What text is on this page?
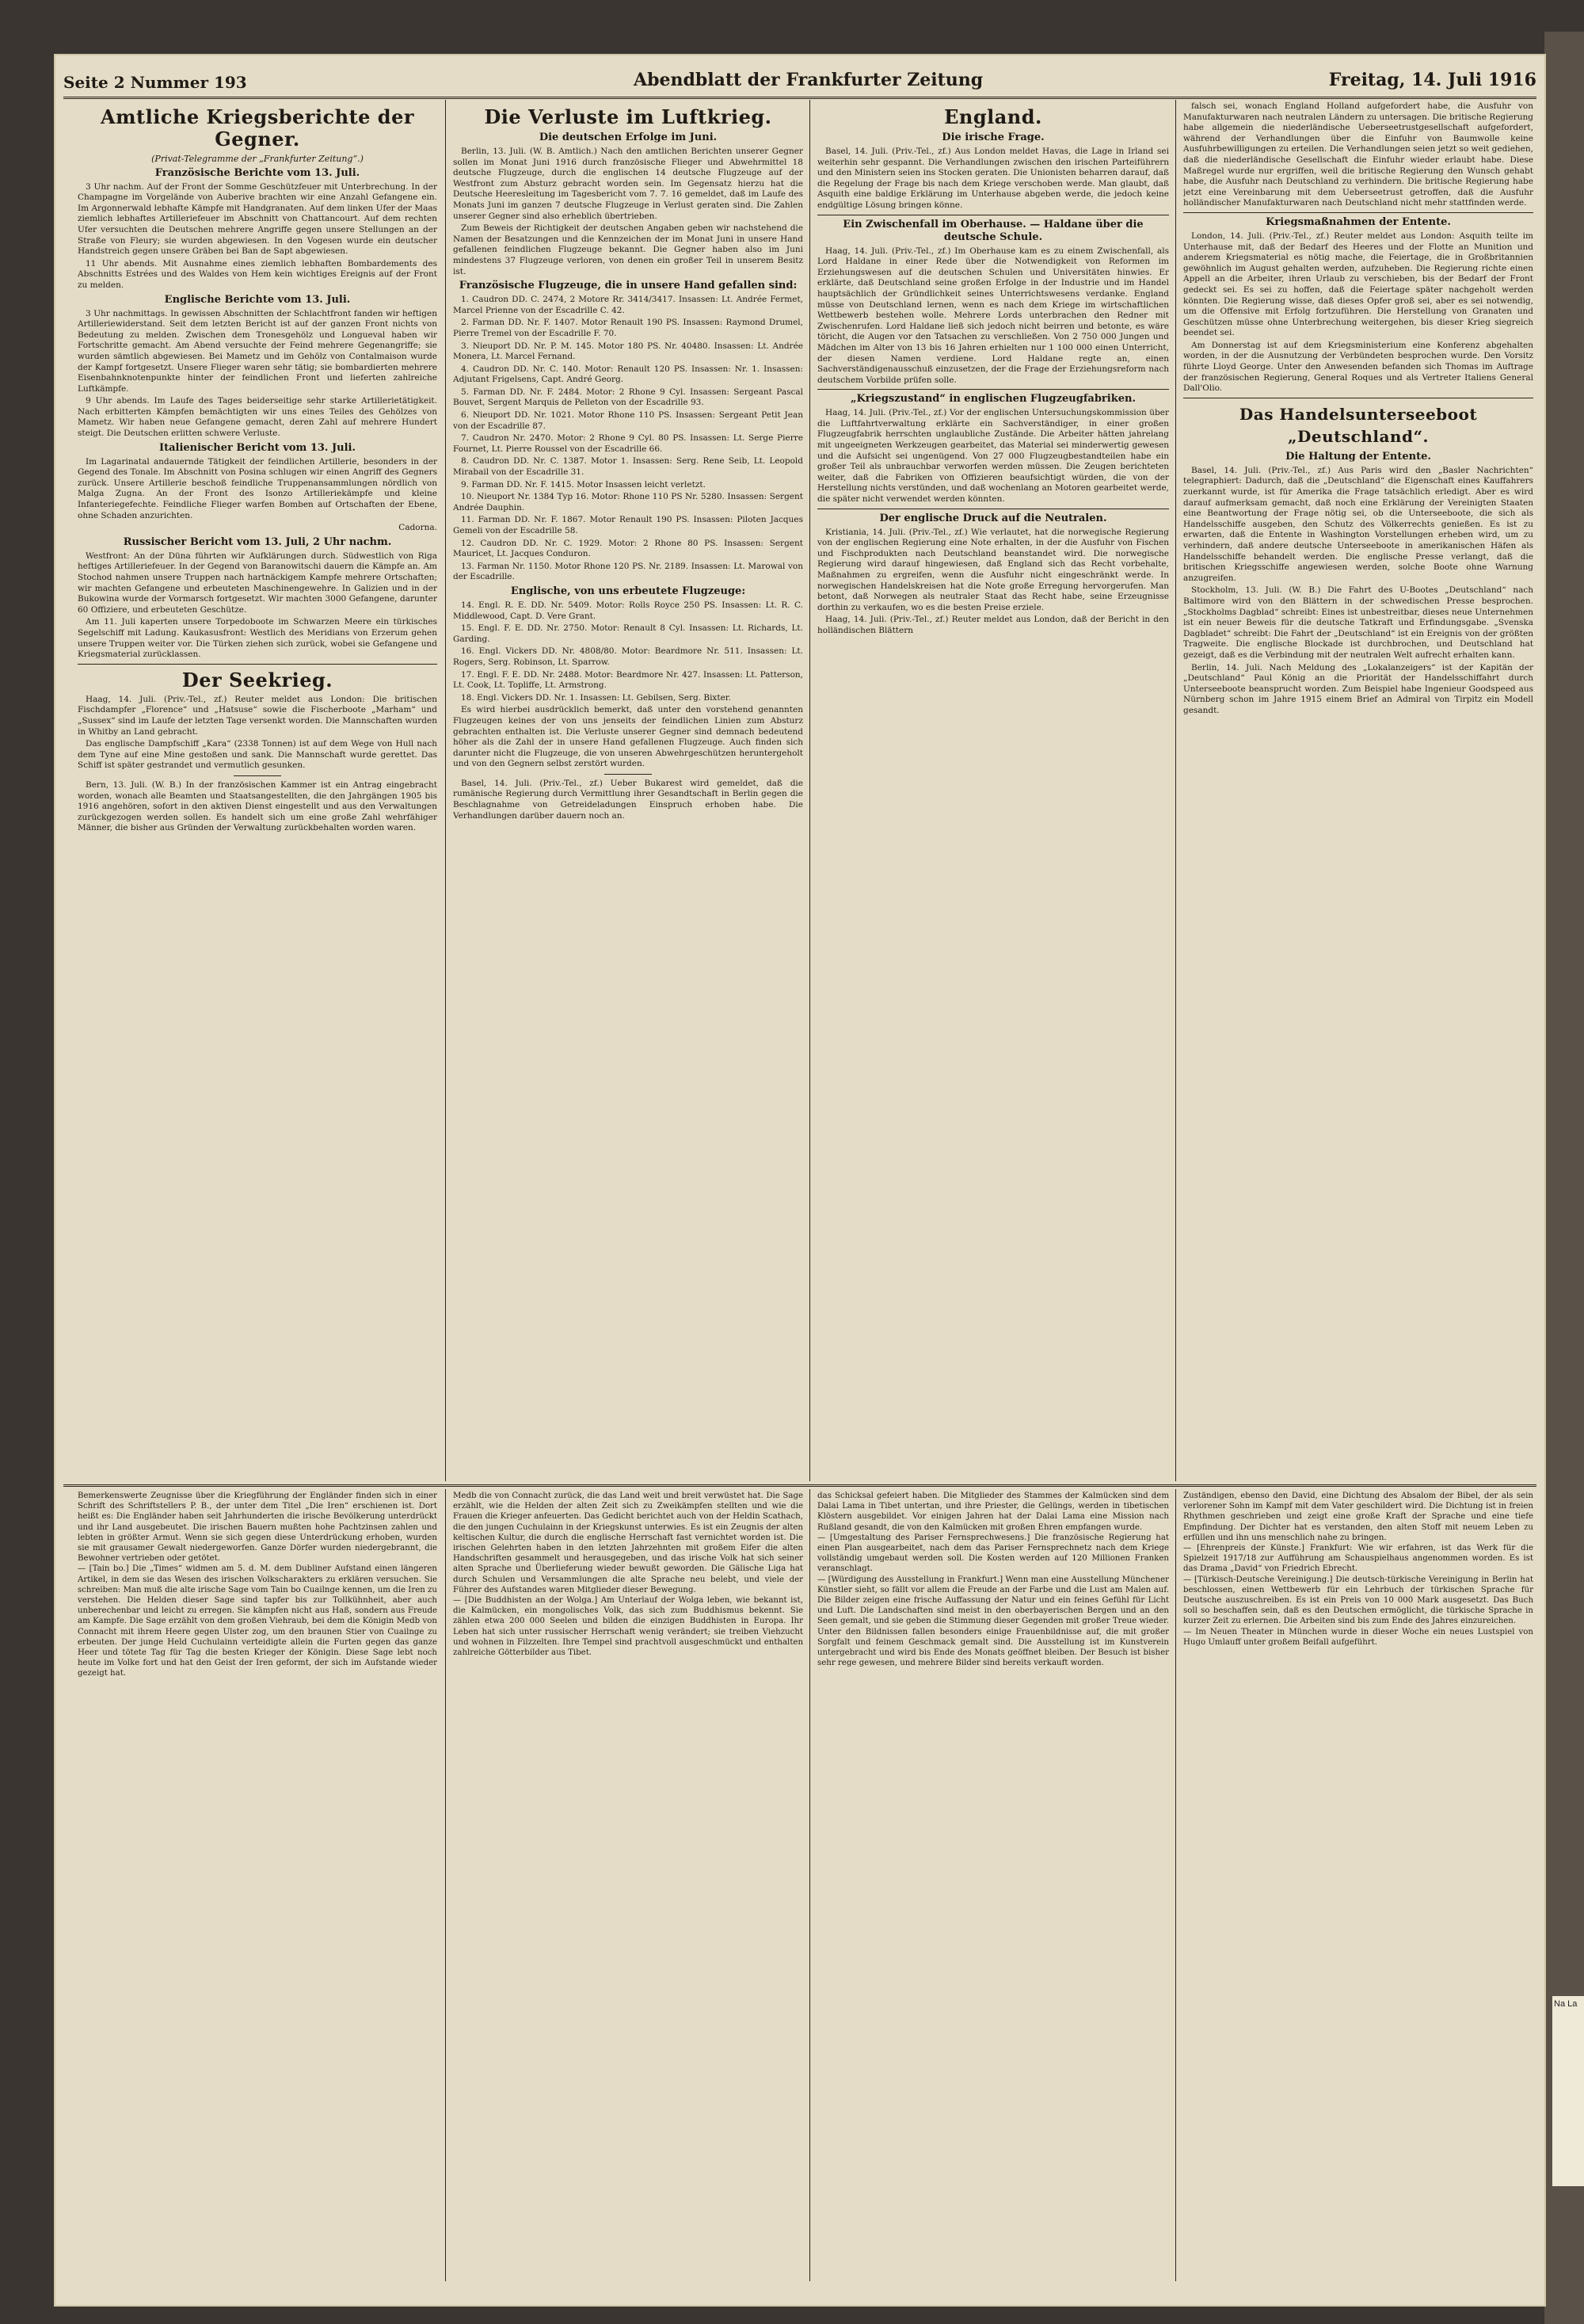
Na La
Seite 2 Nummer 193	Abendblatt der Frankfurter Zeitung	Freitag, 14. Juli 1916
Amtliche Kriegsberichte der Gegner.
(Privat-Telegramme der „Frankfurter Zeitung“.)
Französische Berichte vom 13. Juli.

3 Uhr nachm. Auf der Front der Somme Geschützfeuer mit Unterbrechung. In der Champagne im Vorgelände von Auberive brachten wir eine Anzahl Gefangene ein. Im Argonnerwald lebhafte Kämpfe mit Handgranaten. Auf dem linken Ufer der Maas ziemlich lebhaftes Artilleriefeuer im Abschnitt von Chattancourt. Auf dem rechten Ufer versuchten die Deutschen mehrere Angriffe gegen unsere Stellungen an der Straße von Fleury; sie wurden abgewiesen. In den Vogesen wurde ein deutscher Handstreich gegen unsere Gräben bei Ban de Sapt abgewiesen.

11 Uhr abends. Mit Ausnahme eines ziemlich lebhaften Bombardements des Abschnitts Estrées und des Waldes von Hem kein wichtiges Ereignis auf der Front zu melden.

Englische Berichte vom 13. Juli.

3 Uhr nachmittags. In gewissen Abschnitten der Schlachtfront fanden wir heftigen Artilleriewiderstand. Seit dem letzten Bericht ist auf der ganzen Front nichts von Bedeutung zu melden. Zwischen dem Tronesgehölz und Longueval haben wir Fortschritte gemacht. Am Abend versuchte der Feind mehrere Gegenangriffe; sie wurden sämtlich abgewiesen. Bei Mametz und im Gehölz von Contalmaison wurde der Kampf fortgesetzt. Unsere Flieger waren sehr tätig; sie bombardierten mehrere Eisenbahnknotenpunkte hinter der feindlichen Front und lieferten zahlreiche Luftkämpfe.

9 Uhr abends. Im Laufe des Tages beiderseitige sehr starke Artillerietätigkeit. Nach erbitterten Kämpfen bemächtigten wir uns eines Teiles des Gehölzes von Mametz. Wir haben neue Gefangene gemacht, deren Zahl auf mehrere Hundert steigt. Die Deutschen erlitten schwere Verluste.

Italienischer Bericht vom 13. Juli.

Im Lagarinatal andauernde Tätigkeit der feindlichen Artillerie, besonders in der Gegend des Tonale. Im Abschnitt von Posina schlugen wir einen Angriff des Gegners zurück. Unsere Artillerie beschoß feindliche Truppenansammlungen nördlich von Malga Zugna. An der Front des Isonzo Artilleriekämpfe und kleine Infanteriegefechte. Feindliche Flieger warfen Bomben auf Ortschaften der Ebene, ohne Schaden anzurichten.

Cadorna.

Russischer Bericht vom 13. Juli, 2 Uhr nachm.

Westfront: An der Düna führten wir Aufklärungen durch. Südwestlich von Riga heftiges Artilleriefeuer. In der Gegend von Baranowitschi dauern die Kämpfe an. Am Stochod nahmen unsere Truppen nach hartnäckigem Kampfe mehrere Ortschaften; wir machten Gefangene und erbeuteten Maschinengewehre. In Galizien und in der Bukowina wurde der Vormarsch fortgesetzt. Wir machten 3000 Gefangene, darunter 60 Offiziere, und erbeuteten Geschütze.

Am 11. Juli kaperten unsere Torpedoboote im Schwarzen Meere ein türkisches Segelschiff mit Ladung. Kaukasusfront: Westlich des Meridians von Erzerum gehen unsere Truppen weiter vor. Die Türken ziehen sich zurück, wobei sie Gefangene und Kriegsmaterial zurücklassen.

Der Seekrieg.

Haag, 14. Juli. (Priv.-Tel., zf.) Reuter meldet aus London: Die britischen Fischdampfer „Florence“ und „Hatsuse“ sowie die Fischerboote „Marham“ und „Sussex“ sind im Laufe der letzten Tage versenkt worden. Die Mannschaften wurden in Whitby an Land gebracht.

Das englische Dampfschiff „Kara“ (2338 Tonnen) ist auf dem Wege von Hull nach dem Tyne auf eine Mine gestoßen und sank. Die Mannschaft wurde gerettet. Das Schiff ist später gestrandet und vermutlich gesunken.

Bern, 13. Juli. (W. B.) In der französischen Kammer ist ein Antrag eingebracht worden, wonach alle Beamten und Staatsangestellten, die den Jahrgängen 1905 bis 1916 angehören, sofort in den aktiven Dienst eingestellt und aus den Verwaltungen zurückgezogen werden sollen. Es handelt sich um eine große Zahl wehrfähiger Männer, die bisher aus Gründen der Verwaltung zurückbehalten worden waren.

Die Verluste im Luftkrieg.
Die deutschen Erfolge im Juni.

Berlin, 13. Juli. (W. B. Amtlich.) Nach den amtlichen Berichten unserer Gegner sollen im Monat Juni 1916 durch französische Flieger und Abwehrmittel 18 deutsche Flugzeuge, durch die englischen 14 deutsche Flugzeuge auf der Westfront zum Absturz gebracht worden sein. Im Gegensatz hierzu hat die Deutsche Heeresleitung im Tagesbericht vom 7. 7. 16 gemeldet, daß im Laufe des Monats Juni im ganzen 7 deutsche Flugzeuge in Verlust geraten sind. Die Zahlen unserer Gegner sind also erheblich übertrieben.

Zum Beweis der Richtigkeit der deutschen Angaben geben wir nachstehend die Namen der Besatzungen und die Kennzeichen der im Monat Juni in unsere Hand gefallenen feindlichen Flugzeuge bekannt. Die Gegner haben also im Juni mindestens 37 Flugzeuge verloren, von denen ein großer Teil in unserem Besitz ist.

Französische Flugzeuge, die in unsere Hand gefallen sind:

1. Caudron DD. C. 2474, 2 Motore Rr. 3414/3417. Insassen: Lt. Andrée Fermet, Marcel Prienne von der Escadrille C. 42.

2. Farman DD. Nr. F. 1407. Motor Renault 190 PS. Insassen: Raymond Drumel, Pierre Tremel von der Escadrille F. 70.

3. Nieuport DD. Nr. P. M. 145. Motor 180 PS. Nr. 40480. Insassen: Lt. Andrée Monera, Lt. Marcel Fernand.

4. Caudron DD. Nr. C. 140. Motor: Renault 120 PS. Insassen: Nr. 1. Insassen: Adjutant Frigelsens, Capt. André Georg.

5. Farman DD. Nr. F. 2484. Motor: 2 Rhone 9 Cyl. Insassen: Sergeant Pascal Bouvet, Sergent Marquis de Pelleton von der Escadrille 93.

6. Nieuport DD. Nr. 1021. Motor Rhone 110 PS. Insassen: Sergeant Petit Jean von der Escadrille 87.

7. Caudron Nr. 2470. Motor: 2 Rhone 9 Cyl. 80 PS. Insassen: Lt. Serge Pierre Fournet, Lt. Pierre Roussel von der Escadrille 66.

8. Caudron DD. Nr. C. 1387. Motor 1. Insassen: Serg. Rene Seib, Lt. Leopold Mirabail von der Escadrille 31.

9. Farman DD. Nr. F. 1415. Motor Insassen leicht verletzt.

10. Nieuport Nr. 1384 Typ 16. Motor: Rhone 110 PS Nr. 5280. Insassen: Sergent Andrée Dauphin.

11. Farman DD. Nr. F. 1867. Motor Renault 190 PS. Insassen: Piloten Jacques Gemeli von der Escadrille 58.

12. Caudron DD. Nr. C. 1929. Motor: 2 Rhone 80 PS. Insassen: Sergent Mauricet, Lt. Jacques Conduron.

13. Farman Nr. 1150. Motor Rhone 120 PS. Nr. 2189. Insassen: Lt. Marowal von der Escadrille.

Englische, von uns erbeutete Flugzeuge:

14. Engl. R. E. DD. Nr. 5409. Motor: Rolls Royce 250 PS. Insassen: Lt. R. C. Middlewood, Capt. D. Vere Grant.

15. Engl. F. E. DD. Nr. 2750. Motor: Renault 8 Cyl. Insassen: Lt. Richards, Lt. Garding.

16. Engl. Vickers DD. Nr. 4808/80. Motor: Beardmore Nr. 511. Insassen: Lt. Rogers, Serg. Robinson, Lt. Sparrow.

17. Engl. F. E. DD. Nr. 2488. Motor: Beardmore Nr. 427. Insassen: Lt. Patterson, Lt. Cook, Lt. Topliffe, Lt. Armstrong.

18. Engl. Vickers DD. Nr. 1. Insassen: Lt. Gebilsen, Serg. Bixter.

Es wird hierbei ausdrücklich bemerkt, daß unter den vorstehend genannten Flugzeugen keines der von uns jenseits der feindlichen Linien zum Absturz gebrachten enthalten ist. Die Verluste unserer Gegner sind demnach bedeutend höher als die Zahl der in unsere Hand gefallenen Flugzeuge. Auch finden sich darunter nicht die Flugzeuge, die von unseren Abwehrgeschützen heruntergeholt und von den Gegnern selbst zerstört wurden.

Basel, 14. Juli. (Priv.-Tel., zf.) Ueber Bukarest wird gemeldet, daß die rumänische Regierung durch Vermittlung ihrer Gesandtschaft in Berlin gegen die Beschlagnahme von Getreideladungen Einspruch erhoben habe. Die Verhandlungen darüber dauern noch an.

England.
Die irische Frage.

Basel, 14. Juli. (Priv.-Tel., zf.) Aus London meldet Havas, die Lage in Irland sei weiterhin sehr gespannt. Die Verhandlungen zwischen den irischen Parteiführern und den Ministern seien ins Stocken geraten. Die Unionisten beharren darauf, daß die Regelung der Frage bis nach dem Kriege verschoben werde. Man glaubt, daß Asquith eine baldige Erklärung im Unterhause abgeben werde, die jedoch keine endgültige Lösung bringen könne.

Ein Zwischenfall im Oberhause. — Haldane über die deutsche Schule.

Haag, 14. Juli. (Priv.-Tel., zf.) Im Oberhause kam es zu einem Zwischenfall, als Lord Haldane in einer Rede über die Notwendigkeit von Reformen im Erziehungswesen auf die deutschen Schulen und Universitäten hinwies. Er erklärte, daß Deutschland seine großen Erfolge in der Industrie und im Handel hauptsächlich der Gründlichkeit seines Unterrichtswesens verdanke. England müsse von Deutschland lernen, wenn es nach dem Kriege im wirtschaftlichen Wettbewerb bestehen wolle. Mehrere Lords unterbrachen den Redner mit Zwischenrufen. Lord Haldane ließ sich jedoch nicht beirren und betonte, es wäre töricht, die Augen vor den Tatsachen zu verschließen. Von 2 750 000 Jungen und Mädchen im Alter von 13 bis 16 Jahren erhielten nur 1 100 000 einen Unterricht, der diesen Namen verdiene. Lord Haldane regte an, einen Sachverständigenausschuß einzusetzen, der die Frage der Erziehungsreform nach deutschem Vorbilde prüfen solle.

„Kriegszustand“ in englischen Flugzeugfabriken.

Haag, 14. Juli. (Priv.-Tel., zf.) Vor der englischen Untersuchungskommission über die Luftfahrtverwaltung erklärte ein Sachverständiger, in einer großen Flugzeugfabrik herrschten unglaubliche Zustände. Die Arbeiter hätten jahrelang mit ungeeigneten Werkzeugen gearbeitet, das Material sei minderwertig gewesen und die Aufsicht sei ungenügend. Von 27 000 Flugzeugbestandteilen habe ein großer Teil als unbrauchbar verworfen werden müssen. Die Zeugen berichteten weiter, daß die Fabriken von Offizieren beaufsichtigt würden, die von der Herstellung nichts verstünden, und daß wochenlang an Motoren gearbeitet werde, die später nicht verwendet werden könnten.

Der englische Druck auf die Neutralen.

Kristiania, 14. Juli. (Priv.-Tel., zf.) Wie verlautet, hat die norwegische Regierung von der englischen Regierung eine Note erhalten, in der die Ausfuhr von Fischen und Fischprodukten nach Deutschland beanstandet wird. Die norwegische Regierung wird darauf hingewiesen, daß England sich das Recht vorbehalte, Maßnahmen zu ergreifen, wenn die Ausfuhr nicht eingeschränkt werde. In norwegischen Handelskreisen hat die Note große Erregung hervorgerufen. Man betont, daß Norwegen als neutraler Staat das Recht habe, seine Erzeugnisse dorthin zu verkaufen, wo es die besten Preise erziele.

Haag, 14. Juli. (Priv.-Tel., zf.) Reuter meldet aus London, daß der Bericht in den holländischen Blättern

falsch sei, wonach England Holland aufgefordert habe, die Ausfuhr von Manufakturwaren nach neutralen Ländern zu untersagen. Die britische Regierung habe allgemein die niederländische Ueberseetrustgesellschaft aufgefordert, während der Verhandlungen über die Einfuhr von Baumwolle keine Ausfuhrbewilligungen zu erteilen. Die Verhandlungen seien jetzt so weit gediehen, daß die niederländische Gesellschaft die Einfuhr wieder erlaubt habe. Diese Maßregel wurde nur ergriffen, weil die britische Regierung den Wunsch gehabt habe, die Ausfuhr nach Deutschland zu verhindern. Die britische Regierung habe jetzt eine Vereinbarung mit dem Ueberseetrust getroffen, daß die Ausfuhr holländischer Manufakturwaren nach Deutschland nicht mehr stattfinden werde.

Kriegsmaßnahmen der Entente.

London, 14. Juli. (Priv.-Tel., zf.) Reuter meldet aus London: Asquith teilte im Unterhause mit, daß der Bedarf des Heeres und der Flotte an Munition und anderem Kriegsmaterial es nötig mache, die Feiertage, die in Großbritannien gewöhnlich im August gehalten werden, aufzuheben. Die Regierung richte einen Appell an die Arbeiter, ihren Urlaub zu verschieben, bis der Bedarf der Front gedeckt sei. Es sei zu hoffen, daß die Feiertage später nachgeholt werden könnten. Die Regierung wisse, daß dieses Opfer groß sei, aber es sei notwendig, um die Offensive mit Erfolg fortzuführen. Die Herstellung von Granaten und Geschützen müsse ohne Unterbrechung weitergehen, bis dieser Krieg siegreich beendet sei.

Am Donnerstag ist auf dem Kriegsministerium eine Konferenz abgehalten worden, in der die Ausnutzung der Verbündeten besprochen wurde. Den Vorsitz führte Lloyd George. Unter den Anwesenden befanden sich Thomas im Auftrage der französischen Regierung, General Roques und als Vertreter Italiens General Dall'Olio.

Das Handelsunterseeboot „Deutschland“.
Die Haltung der Entente.

Basel, 14. Juli. (Priv.-Tel., zf.) Aus Paris wird den „Basler Nachrichten“ telegraphiert: Dadurch, daß die „Deutschland“ die Eigenschaft eines Kauffahrers zuerkannt wurde, ist für Amerika die Frage tatsächlich erledigt. Aber es wird darauf aufmerksam gemacht, daß noch eine Erklärung der Vereinigten Staaten eine Beantwortung der Frage nötig sei, ob die Unterseeboote, die sich als Handelsschiffe ausgeben, den Schutz des Völkerrechts genießen. Es ist zu erwarten, daß die Entente in Washington Vorstellungen erheben wird, um zu verhindern, daß andere deutsche Unterseeboote in amerikanischen Häfen als Handelsschiffe behandelt werden. Die englische Presse verlangt, daß die britischen Kriegsschiffe angewiesen werden, solche Boote ohne Warnung anzugreifen.

Stockholm, 13. Juli. (W. B.) Die Fahrt des U-Bootes „Deutschland“ nach Baltimore wird von den Blättern in der schwedischen Presse besprochen. „Stockholms Dagblad“ schreibt: Eines ist unbestreitbar, dieses neue Unternehmen ist ein neuer Beweis für die deutsche Tatkraft und Erfindungsgabe. „Svenska Dagbladet“ schreibt: Die Fahrt der „Deutschland“ ist ein Ereignis von der größten Tragweite. Die englische Blockade ist durchbrochen, und Deutschland hat gezeigt, daß es die Verbindung mit der neutralen Welt aufrecht erhalten kann.

Berlin, 14. Juli. Nach Meldung des „Lokalanzeigers“ ist der Kapitän der „Deutschland“ Paul König an die Priorität der Handelsschiffahrt durch Unterseeboote beansprucht worden. Zum Beispiel habe Ingenieur Goodspeed aus Nürnberg schon im Jahre 1915 einem Brief an Admiral von Tirpitz ein Modell gesandt.

Bemerkenswerte Zeugnisse über die Kriegführung der Engländer finden sich in einer Schrift des Schriftstellers P. B., der unter dem Titel „Die Iren“ erschienen ist. Dort heißt es: Die Engländer haben seit Jahrhunderten die irische Bevölkerung unterdrückt und ihr Land ausgebeutet. Die irischen Bauern mußten hohe Pachtzinsen zahlen und lebten in größter Armut. Wenn sie sich gegen diese Unterdrückung erhoben, wurden sie mit grausamer Gewalt niedergeworfen. Ganze Dörfer wurden niedergebrannt, die Bewohner vertrieben oder getötet.
— [Tain bo.] Die „Times“ widmen am 5. d. M. dem Dubliner Aufstand einen längeren Artikel, in dem sie das Wesen des irischen Volkscharakters zu erklären versuchen. Sie schreiben: Man muß die alte irische Sage vom Tain bo Cuailnge kennen, um die Iren zu verstehen. Die Helden dieser Sage sind tapfer bis zur Tollkühnheit, aber auch unberechenbar und leicht zu erregen. Sie kämpfen nicht aus Haß, sondern aus Freude am Kampfe. Die Sage erzählt von dem großen Viehraub, bei dem die Königin Medb von Connacht mit ihrem Heere gegen Ulster zog, um den braunen Stier von Cuailnge zu erbeuten. Der junge Held Cuchulainn verteidigte allein die Furten gegen das ganze Heer und tötete Tag für Tag die besten Krieger der Königin. Diese Sage lebt noch heute im Volke fort und hat den Geist der Iren geformt, der sich im Aufstande wieder gezeigt hat.
Medb die von Connacht zurück, die das Land weit und breit verwüstet hat. Die Sage erzählt, wie die Helden der alten Zeit sich zu Zweikämpfen stellten und wie die Frauen die Krieger anfeuerten. Das Gedicht berichtet auch von der Heldin Scathach, die den jungen Cuchulainn in der Kriegskunst unterwies. Es ist ein Zeugnis der alten keltischen Kultur, die durch die englische Herrschaft fast vernichtet worden ist. Die irischen Gelehrten haben in den letzten Jahrzehnten mit großem Eifer die alten Handschriften gesammelt und herausgegeben, und das irische Volk hat sich seiner alten Sprache und Überlieferung wieder bewußt geworden. Die Gälische Liga hat durch Schulen und Versammlungen die alte Sprache neu belebt, und viele der Führer des Aufstandes waren Mitglieder dieser Bewegung.
— [Die Buddhisten an der Wolga.] Am Unterlauf der Wolga leben, wie bekannt ist, die Kalmücken, ein mongolisches Volk, das sich zum Buddhismus bekennt. Sie zählen etwa 200 000 Seelen und bilden die einzigen Buddhisten in Europa. Ihr Leben hat sich unter russischer Herrschaft wenig verändert; sie treiben Viehzucht und wohnen in Filzzelten. Ihre Tempel sind prachtvoll ausgeschmückt und enthalten zahlreiche Götterbilder aus Tibet.
das Schicksal gefeiert haben. Die Mitglieder des Stammes der Kalmücken sind dem Dalai Lama in Tibet untertan, und ihre Priester, die Gelüngs, werden in tibetischen Klöstern ausgebildet. Vor einigen Jahren hat der Dalai Lama eine Mission nach Rußland gesandt, die von den Kalmücken mit großen Ehren empfangen wurde.
— [Umgestaltung des Pariser Fernsprechwesens.] Die französische Regierung hat einen Plan ausgearbeitet, nach dem das Pariser Fernsprechnetz nach dem Kriege vollständig umgebaut werden soll. Die Kosten werden auf 120 Millionen Franken veranschlagt.
— [Würdigung des Ausstellung in Frankfurt.] Wenn man eine Ausstellung Münchener Künstler sieht, so fällt vor allem die Freude an der Farbe und die Lust am Malen auf. Die Bilder zeigen eine frische Auffassung der Natur und ein feines Gefühl für Licht und Luft. Die Landschaften sind meist in den oberbayerischen Bergen und an den Seen gemalt, und sie geben die Stimmung dieser Gegenden mit großer Treue wieder. Unter den Bildnissen fallen besonders einige Frauenbildnisse auf, die mit großer Sorgfalt und feinem Geschmack gemalt sind. Die Ausstellung ist im Kunstverein untergebracht und wird bis Ende des Monats geöffnet bleiben. Der Besuch ist bisher sehr rege gewesen, und mehrere Bilder sind bereits verkauft worden.
Zuständigen, ebenso den David, eine Dichtung des Absalom der Bibel, der als sein verlorener Sohn im Kampf mit dem Vater geschildert wird. Die Dichtung ist in freien Rhythmen geschrieben und zeigt eine große Kraft der Sprache und eine tiefe Empfindung. Der Dichter hat es verstanden, den alten Stoff mit neuem Leben zu erfüllen und ihn uns menschlich nahe zu bringen.
— [Ehrenpreis der Künste.] Frankfurt: Wie wir erfahren, ist das Werk für die Spielzeit 1917/18 zur Aufführung am Schauspielhaus angenommen worden. Es ist das Drama „David“ von Friedrich Ebrecht.
— [Türkisch-Deutsche Vereinigung.] Die deutsch-türkische Vereinigung in Berlin hat beschlossen, einen Wettbewerb für ein Lehrbuch der türkischen Sprache für Deutsche auszuschreiben. Es ist ein Preis von 10 000 Mark ausgesetzt. Das Buch soll so beschaffen sein, daß es den Deutschen ermöglicht, die türkische Sprache in kurzer Zeit zu erlernen. Die Arbeiten sind bis zum Ende des Jahres einzureichen.
— Im Neuen Theater in München wurde in dieser Woche ein neues Lustspiel von Hugo Umlauff unter großem Beifall aufgeführt.
